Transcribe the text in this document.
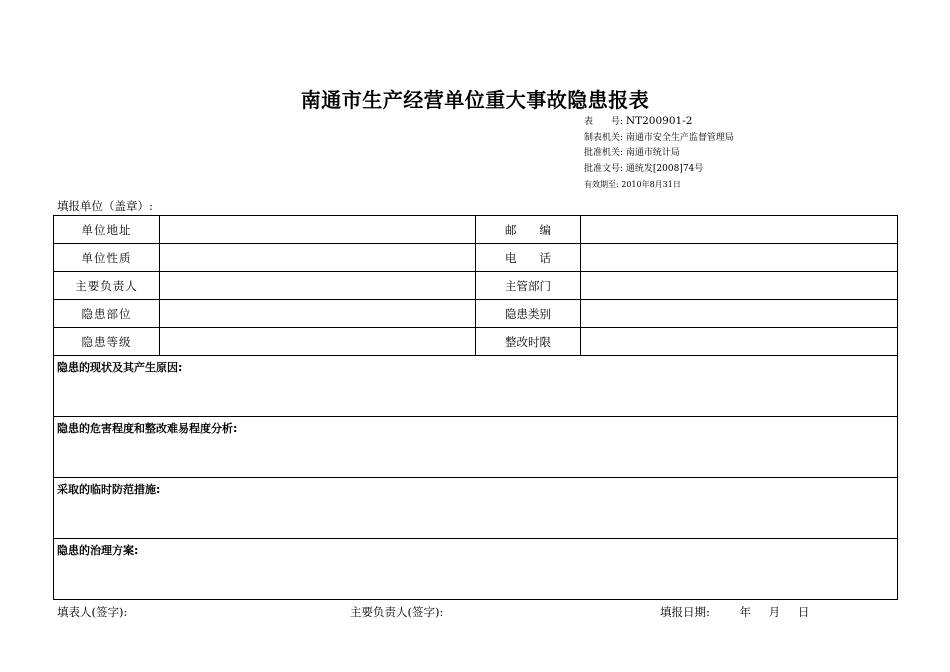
南通市生产经营单位重大事故隐患报表
表　　号: NT200901-2
制表机关: 南通市安全生产监督管理局
批准机关: 南通市统计局
批准文号: 通统发[2008]74号
有效期至: 2010年8月31日
填报单位（盖章）:
单位地址		邮　　编	
单位性质		电　　话	
主要负责人		主管部门	
隐患部位		隐患类别	
隐患等级		整改时限	

隐患的现状及其产生原因:			

隐患的危害程度和整改难易程度分析:			

采取的临时防范措施:			

隐患的治理方案:			
填表人(签字):	主要负责人(签字):	填报日期:	年 月 日
